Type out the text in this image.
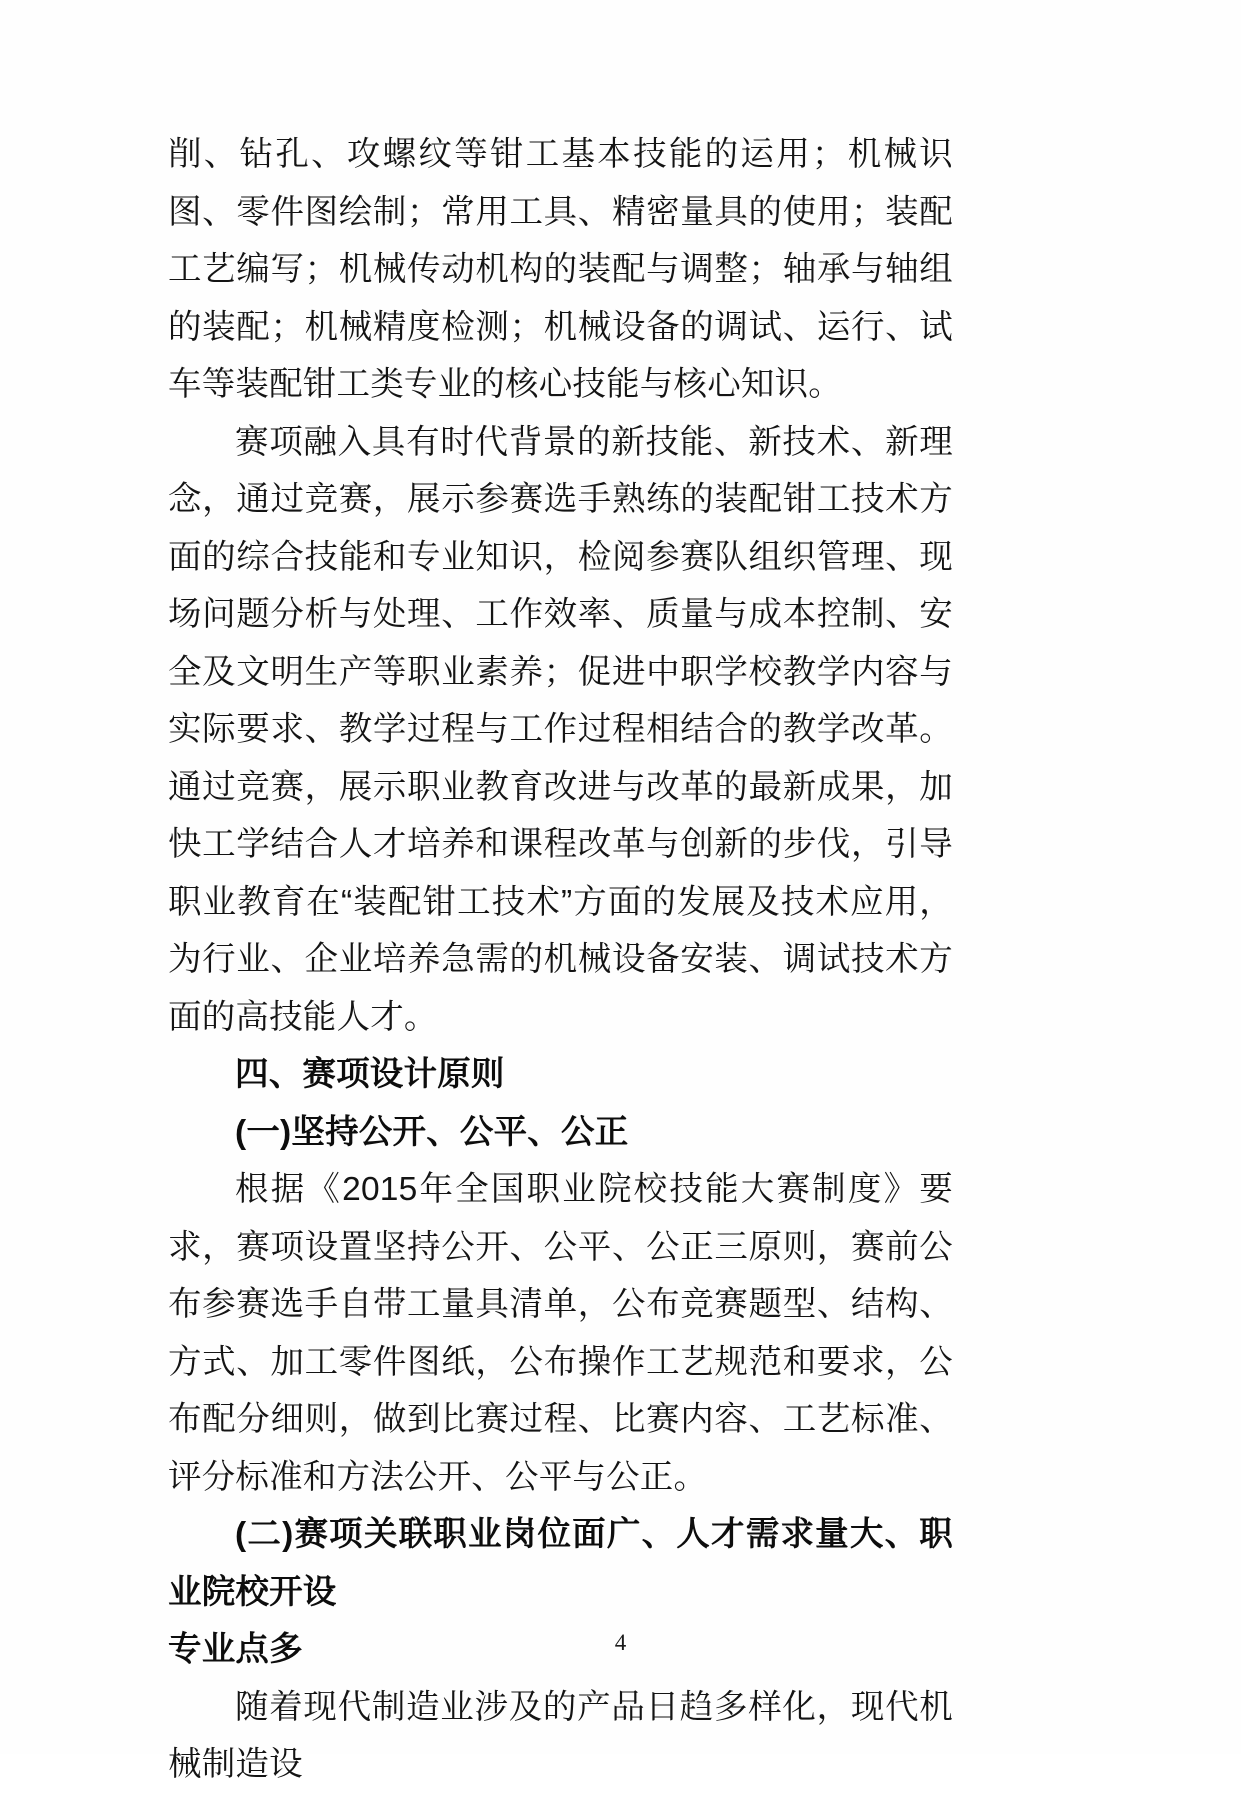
削、钻孔、攻螺纹等钳工基本技能的运用；机械识图、零件图绘制；常用工具、精密量具的使用；装配工艺编写；机械传动机构的装配与调整；轴承与轴组的装配；机械精度检测；机械设备的调试、运行、试车等装配钳工类专业的核心技能与核心知识。

赛项融入具有时代背景的新技能、新技术、新理念，通过竞赛，展示参赛选手熟练的装配钳工技术方面的综合技能和专业知识，检阅参赛队组织管理、现场问题分析与处理、工作效率、质量与成本控制、安全及文明生产等职业素养；促进中职学校教学内容与实际要求、教学过程与工作过程相结合的教学改革。通过竞赛，展示职业教育改进与改革的最新成果，加快工学结合人才培养和课程改革与创新的步伐，引导职业教育在“装配钳工技术”方面的发展及技术应用，为行业、企业培养急需的机械设备安装、调试技术方面的高技能人才。

四、赛项设计原则
(一)坚持公开、公平、公正

根据《2015年全国职业院校技能大赛制度》要求，赛项设置坚持公开、公平、公正三原则，赛前公布参赛选手自带工量具清单，公布竞赛题型、结构、方式、加工零件图纸，公布操作工艺规范和要求，公布配分细则，做到比赛过程、比赛内容、工艺标准、评分标准和方法公开、公平与公正。

(二)赛项关联职业岗位面广、人才需求量大、职业院校开设
专业点多

随着现代制造业涉及的产品日趋多样化，现代机械制造设

4
